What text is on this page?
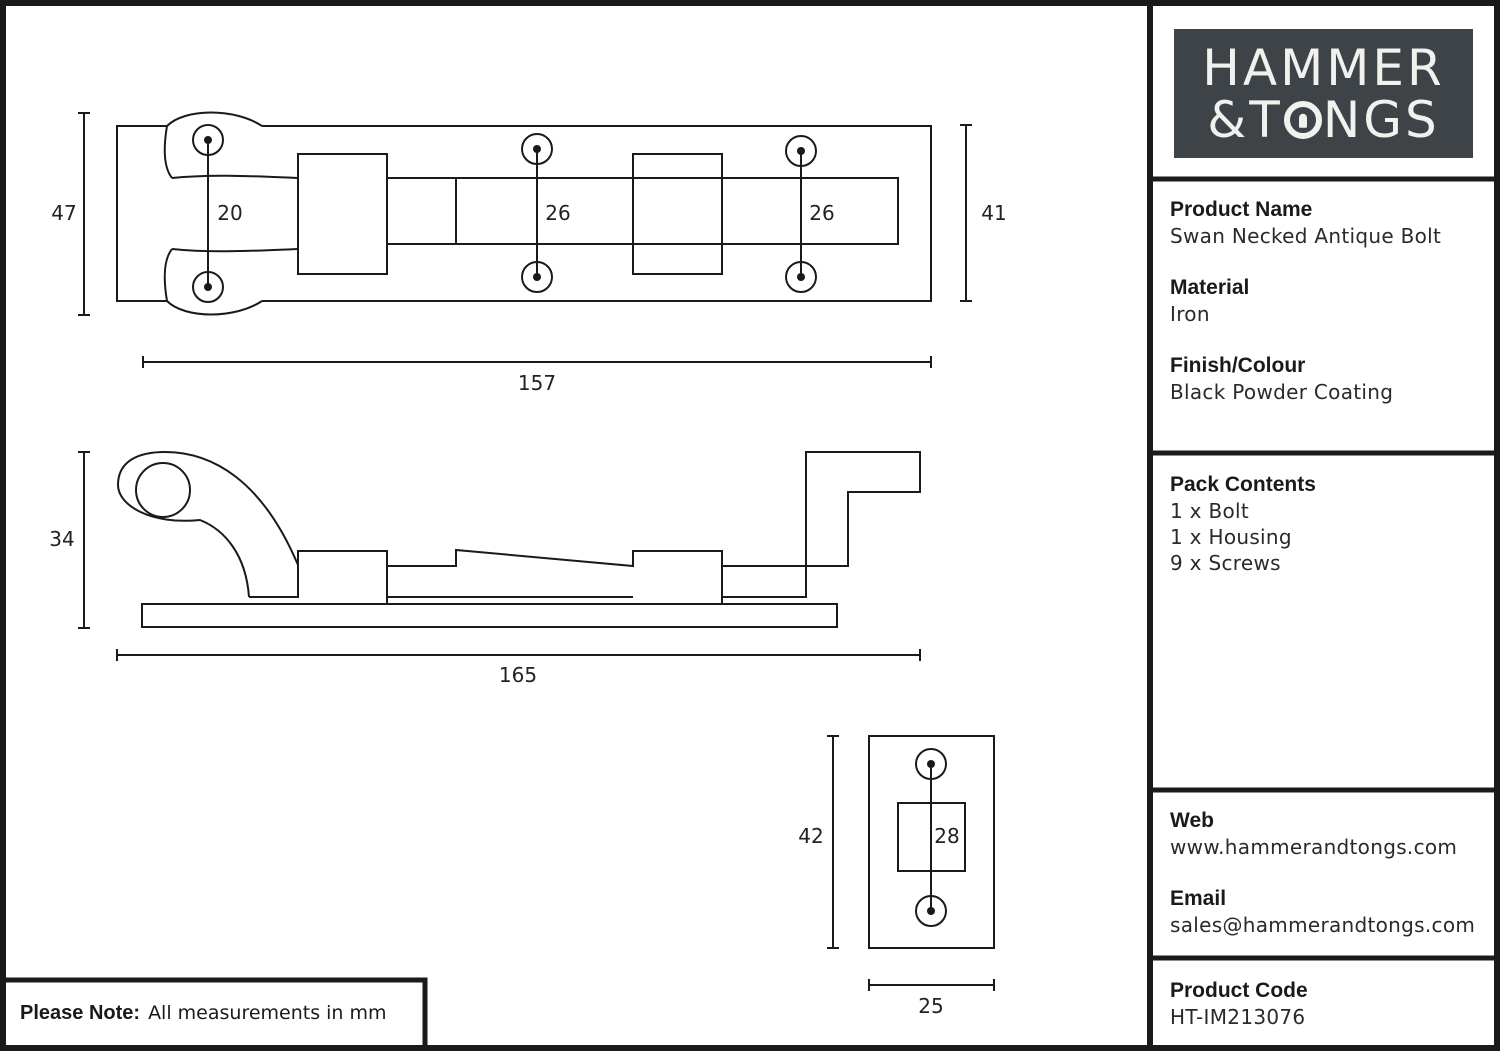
47	41
20	26	26
157
34
165
42	28
25
HAMMER
& T NGS
Product Name
Swan Necked Antique Bolt
Material
Iron
Finish/Colour
Black Powder Coating
Pack Contents
1 x Bolt
1 x Housing
9 x Screws
Web
www.hammerandtongs.com
Email
sales@hammerandtongs.com
Product Code
HT-IM213076
Please Note: All measurements in mm
